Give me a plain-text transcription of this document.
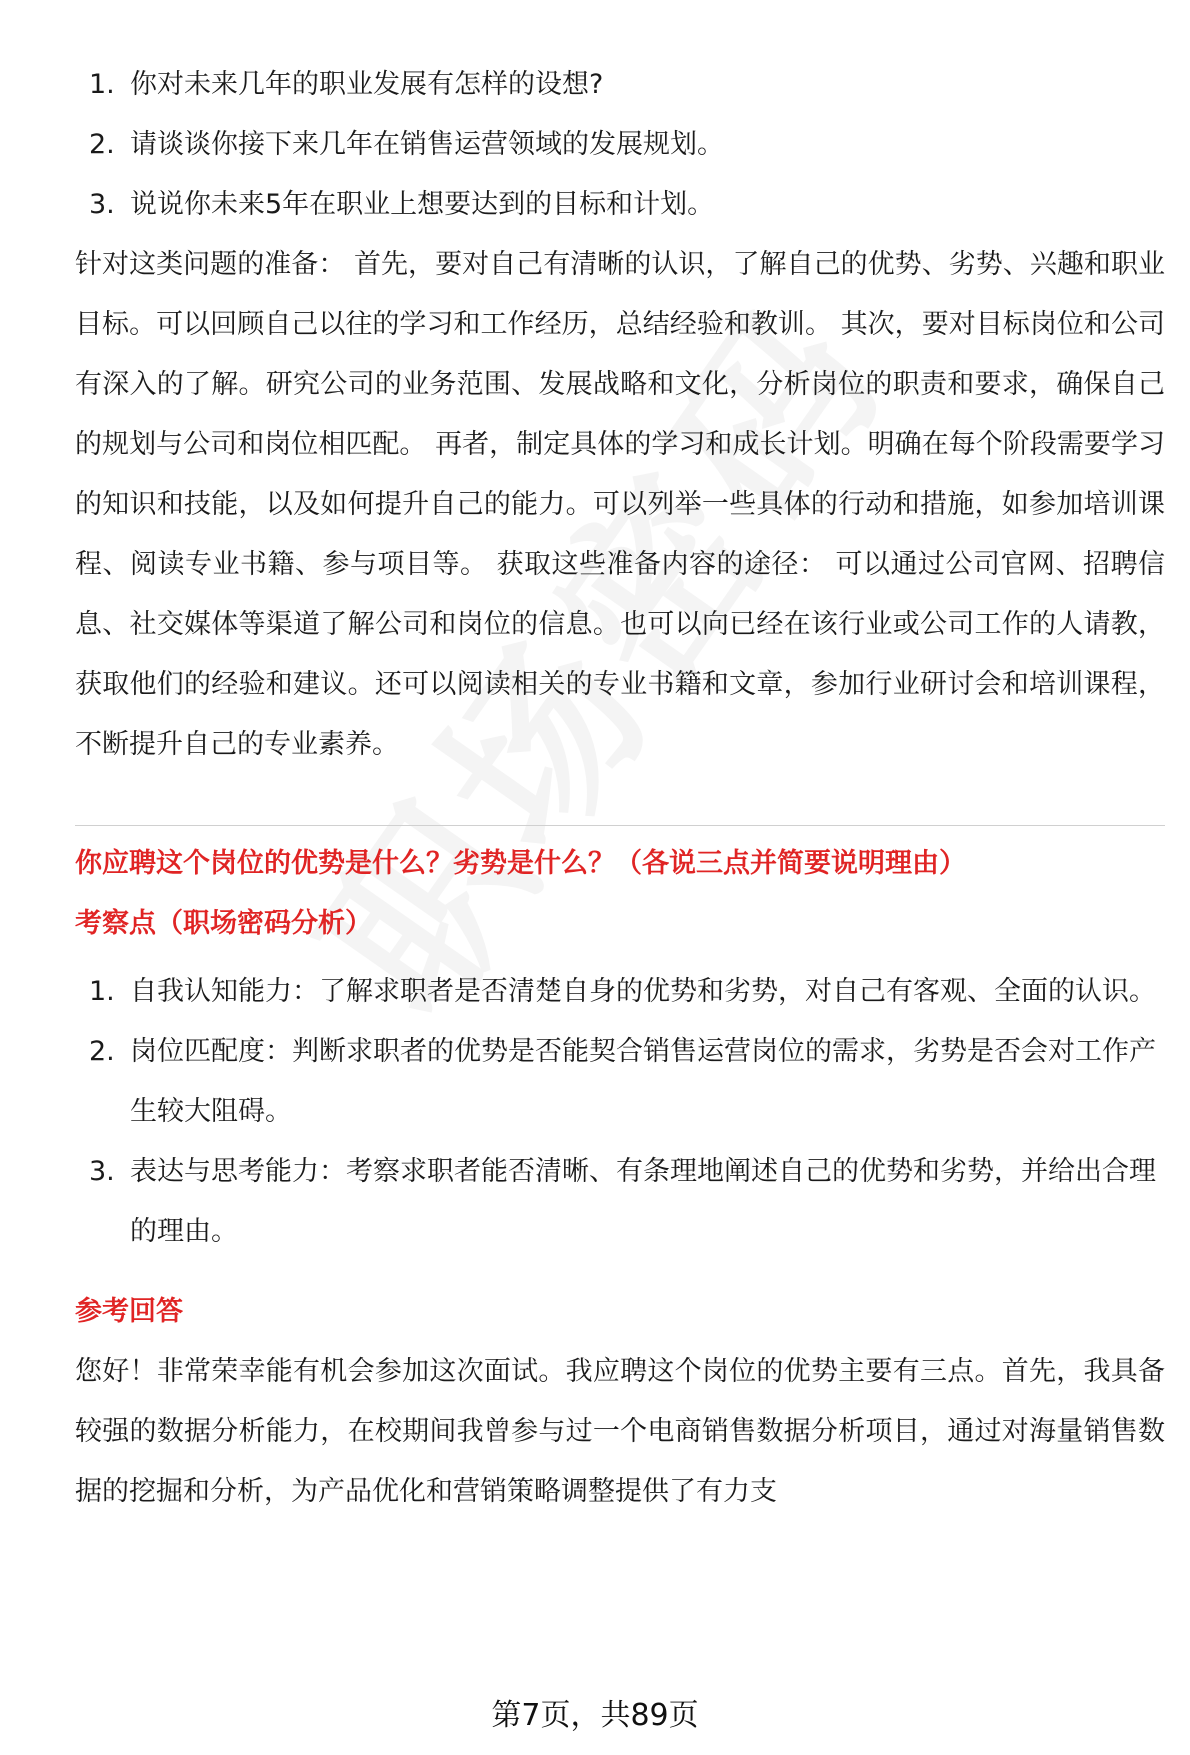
1. 你对未来几年的职业发展有怎样的设想?
2. 请谈谈你接下来几年在销售运营领域的发展规划。
3. 说说你未来5年在职业上想要达到的目标和计划。

针对这类问题的准备： 首先，要对自己有清晰的认识，了解自己的优势、劣势、兴趣和职业目标。可以回顾自己以往的学习和工作经历，总结经验和教训。 其次，要对目标岗位和公司有深入的了解。研究公司的业务范围、发展战略和文化，分析岗位的职责和要求，确保自己的规划与公司和岗位相匹配。 再者，制定具体的学习和成长计划。明确在每个阶段需要学习的知识和技能，以及如何提升自己的能力。可以列举一些具体的行动和措施，如参加培训课程、阅读专业书籍、参与项目等。 获取这些准备内容的途径： 可以通过公司官网、招聘信息、社交媒体等渠道了解公司和岗位的信息。也可以向已经在该行业或公司工作的人请教，获取他们的经验和建议。还可以阅读相关的专业书籍和文章，参加行业研讨会和培训课程，不断提升自己的专业素养。

你应聘这个岗位的优势是什么？劣势是什么？（各说三点并简要说明理由）

考察点（职场密码分析）

1. 自我认知能力：了解求职者是否清楚自身的优势和劣势，对自己有客观、全面的认识。
2. 岗位匹配度：判断求职者的优势是否能契合销售运营岗位的需求，劣势是否会对工作产生较大阻碍。
3. 表达与思考能力：考察求职者能否清晰、有条理地阐述自己的优势和劣势，并给出合理的理由。

参考回答

您好！非常荣幸能有机会参加这次面试。我应聘这个岗位的优势主要有三点。首先，我具备较强的数据分析能力，在校期间我曾参与过一个电商销售数据分析项目，通过对海量销售数据的挖掘和分析，为产品优化和营销策略调整提供了有力支

第7页，共89页
